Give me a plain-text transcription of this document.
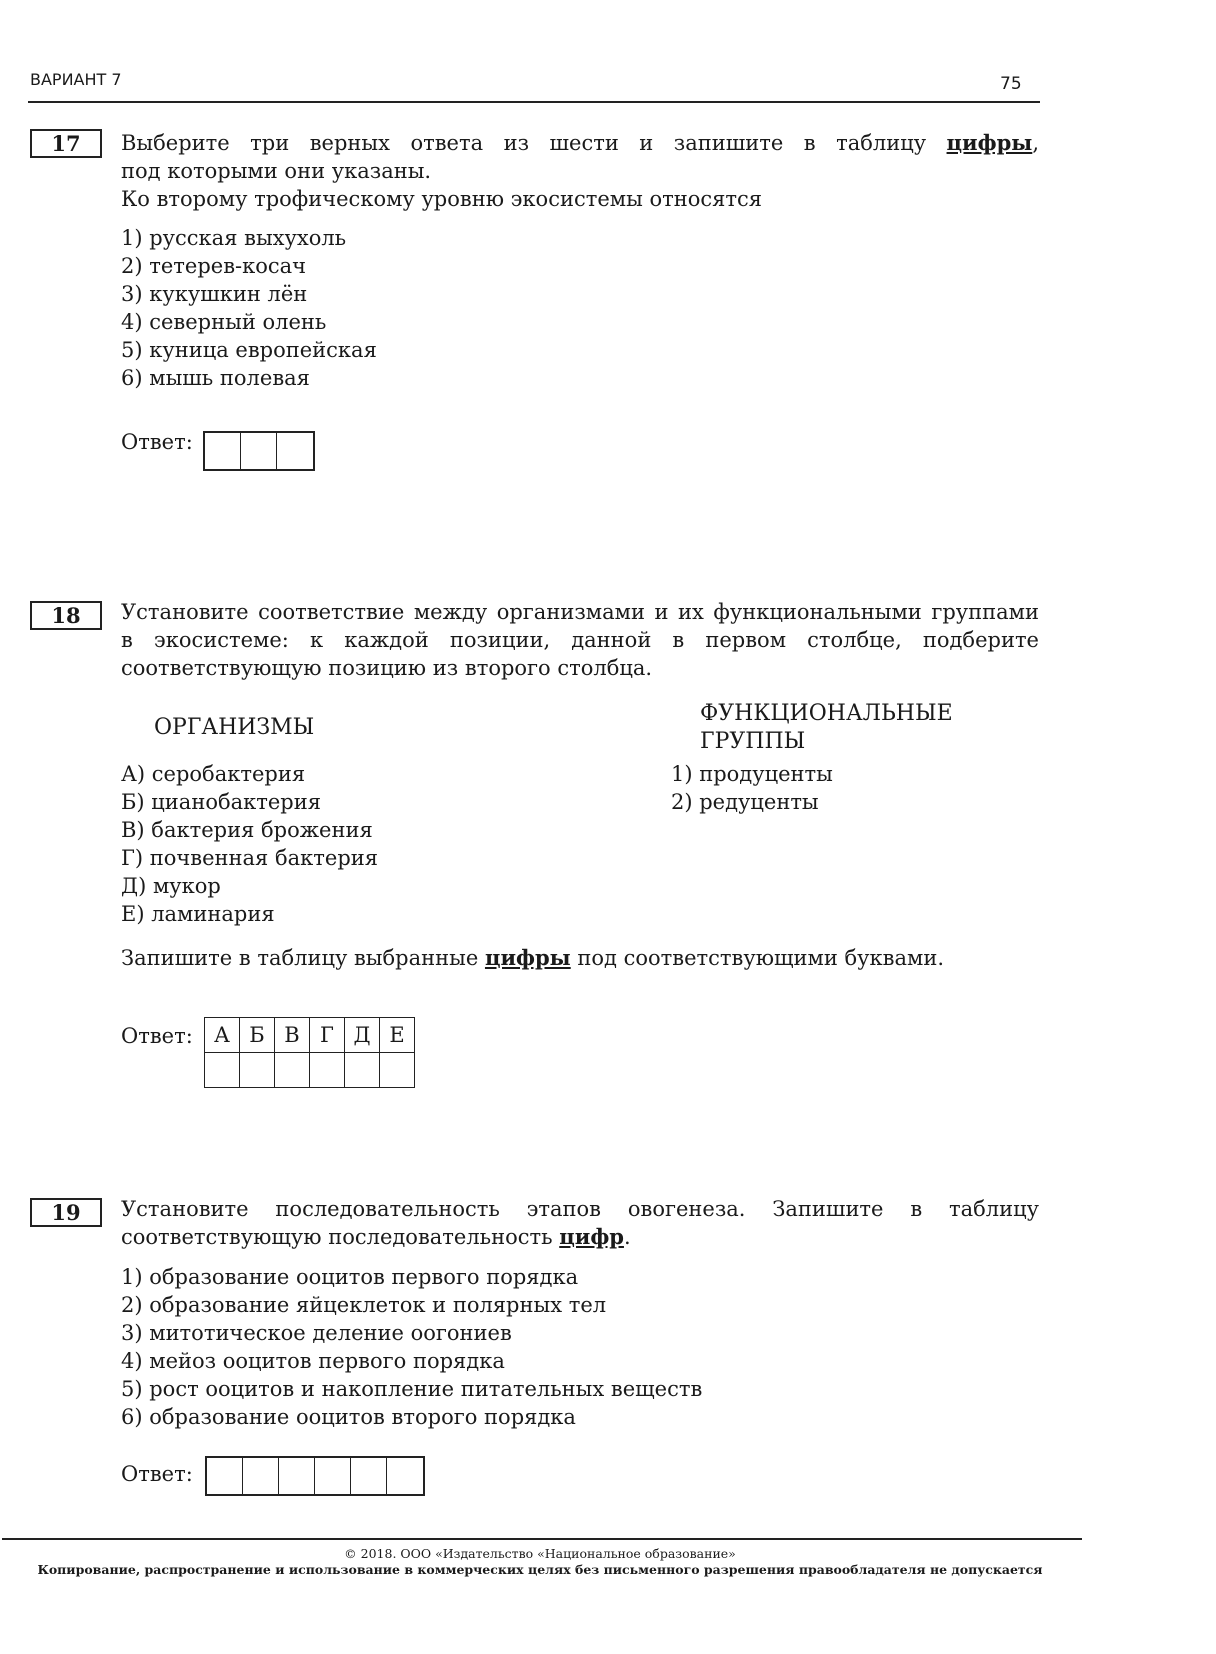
ВАРИАНТ 7	75
17	Выберите три верных ответа из шести и запишите в таблицу цифры,
под которыми они указаны.
Ко второму трофическому уровню экосистемы относятся
1) русская выхухоль
2) тетерев-косач
3) кукушкин лён
4) северный олень
5) куница европейская
6) мышь полевая
Ответ:
18	Установите соответствие между организмами и их функциональными группами
в экосистеме: к каждой позиции, данной в первом столбце, подберите
соответствующую позицию из второго столбца.
ОРГАНИЗМЫ
ФУНКЦИОНАЛЬНЫЕ
ГРУППЫ
А) серобактерия
Б) цианобактерия
В) бактерия брожения
Г) почвенная бактерия
Д) мукор
Е) ламинария
1) продуценты
2) редуценты
Запишите в таблицу выбранные цифры под соответствующими буквами.
Ответ: А	Б	В	Г	Д	Е

19	Установите последовательность этапов овогенеза. Запишите в таблицу
соответствующую последовательность цифр.
1) образование ооцитов первого порядка
2) образование яйцеклеток и полярных тел
3) митотическое деление оогониев
4) мейоз ооцитов первого порядка
5) рост ооцитов и накопление питательных веществ
6) образование ооцитов второго порядка
Ответ:
© 2018. ООО «Издательство «Национальное образование»
Копирование, распространение и использование в коммерческих целях без письменного разрешения правообладателя не допускается
